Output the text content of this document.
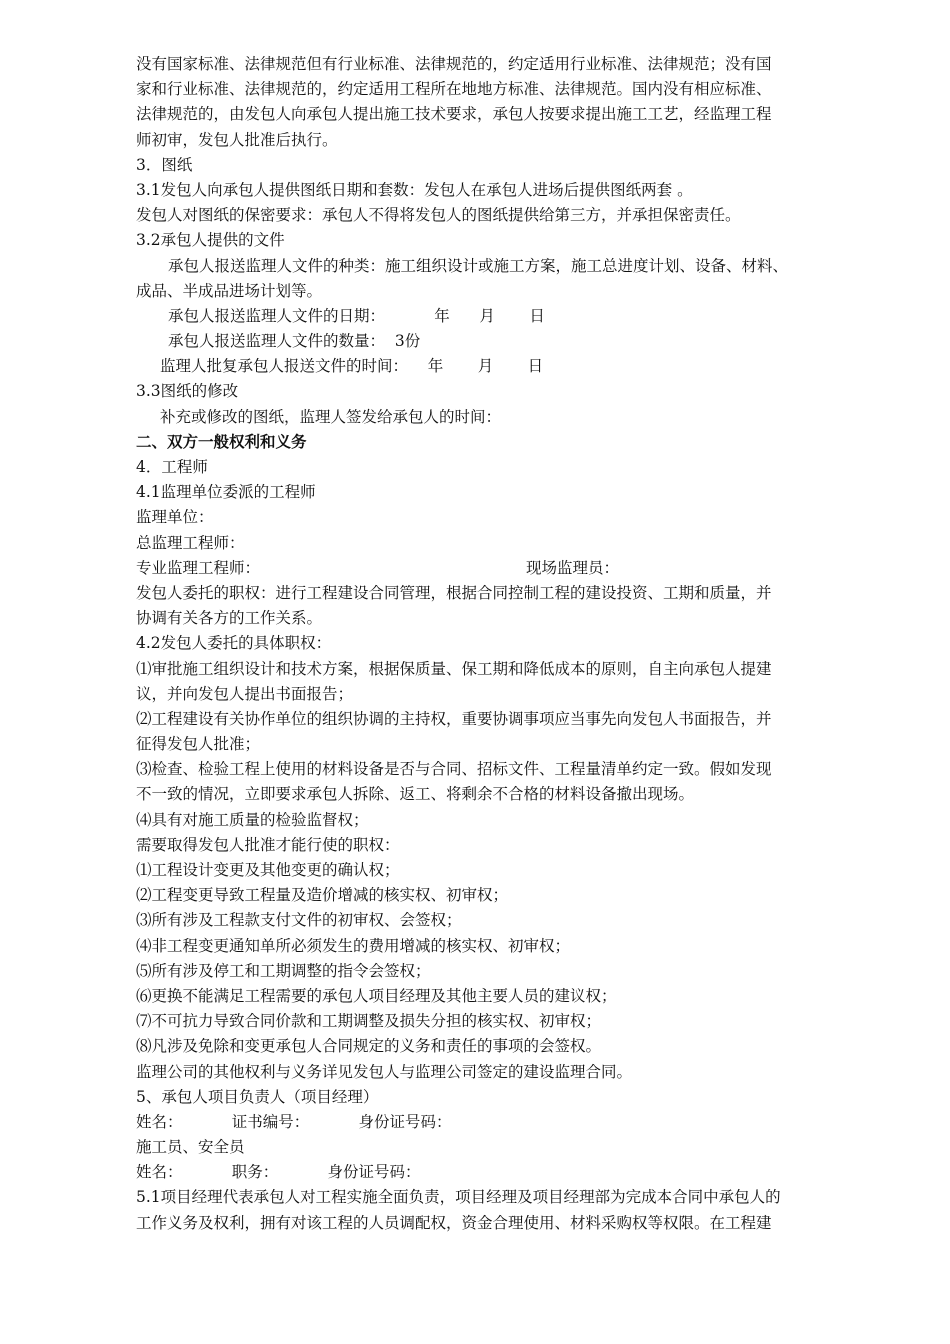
没有国家标准、法律规范但有行业标准、法律规范的，约定适用行业标准、法律规范；没有国
家和行业标准、法律规范的，约定适用工程所在地地方标准、法律规范。国内没有相应标准、
法律规范的，由发包人向承包人提出施工技术要求，承包人按要求提出施工工艺，经监理工程
师初审，发包人批准后执行。
3．图纸
3.1发包人向承包人提供图纸日期和套数：发包人在承包人进场后提供图纸两套 。
发包人对图纸的保密要求：承包人不得将发包人的图纸提供给第三方，并承担保密责任。
3.2承包人提供的文件
承包人报送监理人文件的种类：施工组织设计或施工方案，施工总进度计划、设备、材料、
成品、半成品进场计划等。
承包人报送监理人文件的日期：          年      月       日
承包人报送监理人文件的数量：  3份
监理人批复承包人报送文件的时间：    年       月       日
3.3图纸的修改
补充或修改的图纸，监理人签发给承包人的时间：
二、双方一般权利和义务
4．工程师
4.1监理单位委派的工程师
监理单位：
总监理工程师：
专业监理工程师：                                                      现场监理员：
发包人委托的职权：进行工程建设合同管理，根据合同控制工程的建设投资、工期和质量，并
协调有关各方的工作关系。
4.2发包人委托的具体职权：
⑴审批施工组织设计和技术方案，根据保质量、保工期和降低成本的原则，自主向承包人提建
议，并向发包人提出书面报告；
⑵工程建设有关协作单位的组织协调的主持权，重要协调事项应当事先向发包人书面报告，并
征得发包人批准；
⑶检查、检验工程上使用的材料设备是否与合同、招标文件、工程量清单约定一致。假如发现
不一致的情况，立即要求承包人拆除、返工、将剩余不合格的材料设备撤出现场。
⑷具有对施工质量的检验监督权；
需要取得发包人批准才能行使的职权：
⑴工程设计变更及其他变更的确认权；
⑵工程变更导致工程量及造价增减的核实权、初审权；
⑶所有涉及工程款支付文件的初审权、会签权；
⑷非工程变更通知单所必须发生的费用增减的核实权、初审权；
⑸所有涉及停工和工期调整的指令会签权；
⑹更换不能满足工程需要的承包人项目经理及其他主要人员的建议权；
⑺不可抗力导致合同价款和工期调整及损失分担的核实权、初审权；
⑻凡涉及免除和变更承包人合同规定的义务和责任的事项的会签权。
监理公司的其他权利与义务详见发包人与监理公司签定的建设监理合同。
5、承包人项目负责人（项目经理）
姓名：          证书编号：          身份证号码：
施工员、安全员
姓名：          职务：          身份证号码：
5.1项目经理代表承包人对工程实施全面负责，项目经理及项目经理部为完成本合同中承包人的
工作义务及权利，拥有对该工程的人员调配权，资金合理使用、材料采购权等权限。在工程建
